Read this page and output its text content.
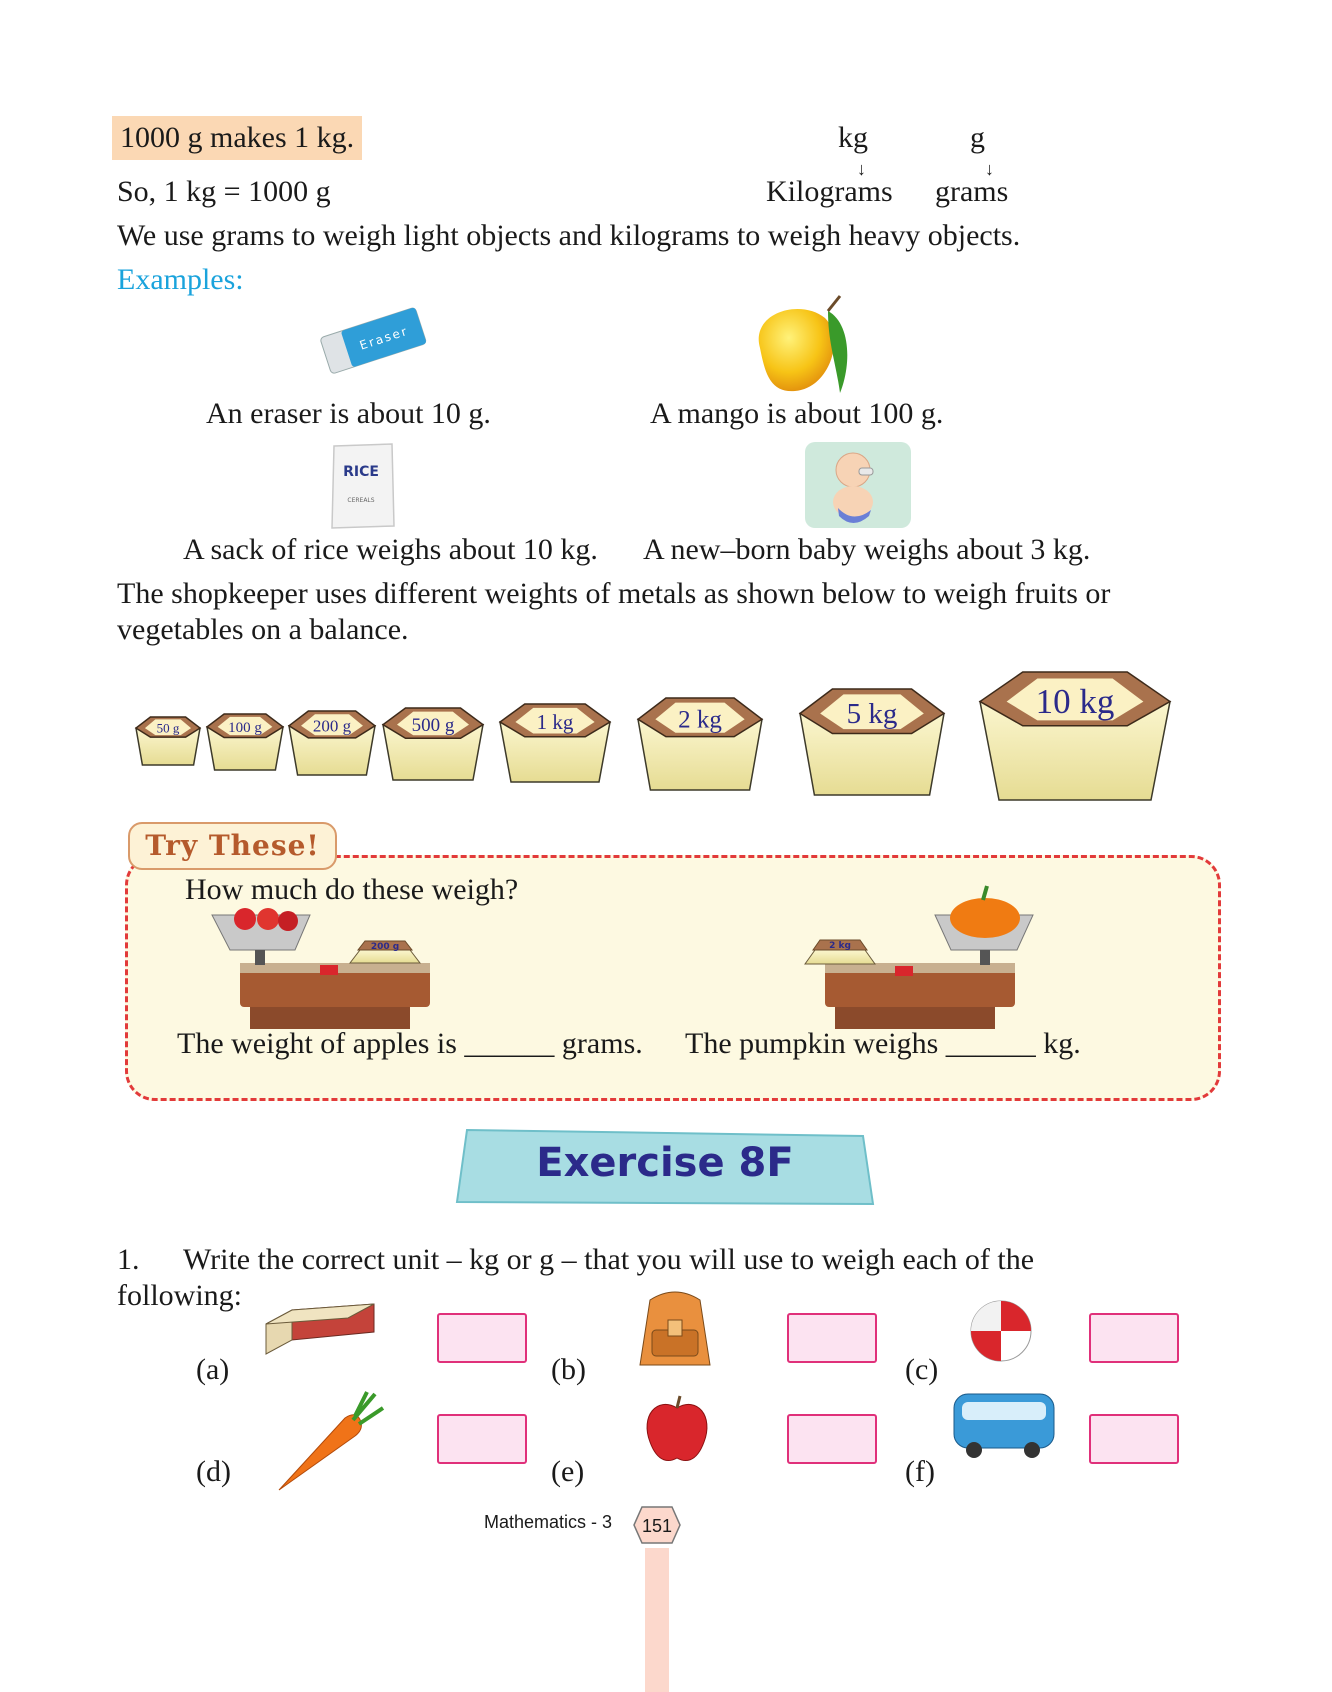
1000 g makes 1 kg.
So, 1 kg = 1000 g
kg
↓
Kilograms
g
↓
grams
We use grams to weigh light objects and kilograms to weigh heavy objects.
Examples:
Eraser
An eraser is about 10 g.	A mango is about 100 g.
RICE
CEREALS
A sack of rice weighs about 10 kg. A new–born baby weighs about 3 kg.
The shopkeeper uses different weights of metals as shown below to weigh fruits or
vegetables on a balance.
50 g	100 g	200 g	500 g	1 kg	2 kg	5 kg	10 kg
Try These!
How much do these weigh?
200 g	2 kg
The weight of apples is ______ grams. The pumpkin weighs ______ kg.
Exercise 8F
1. Write the correct unit – kg or g – that you will use to weigh each of the
following:
(a)	(b)	(c)
(d)	(e)	(f)
Mathematics - 3 151
